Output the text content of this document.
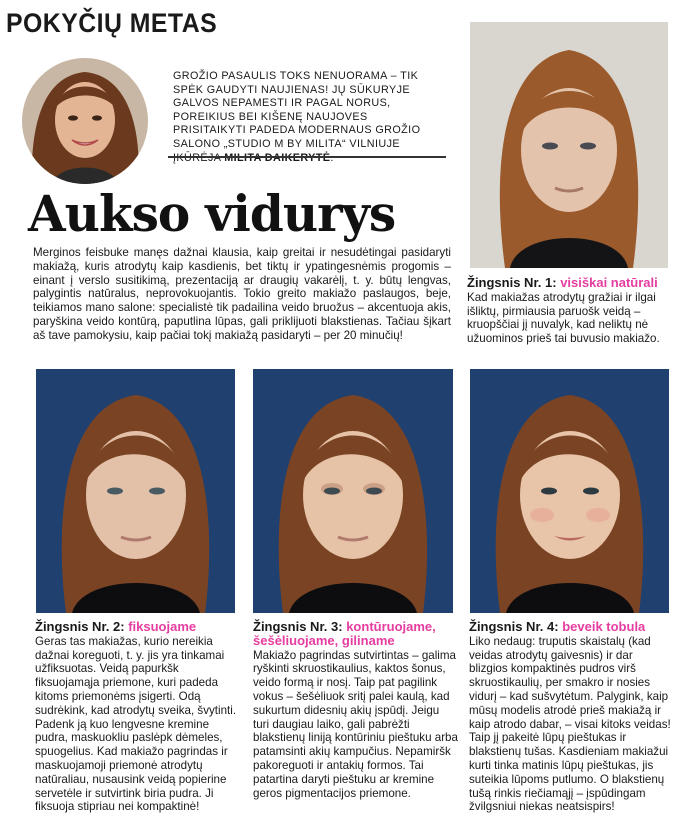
POKYČIŲ METAS
GROŽIO PASAULIS TOKS NENUORAMA – TIK SPĖK GAUDYTI NAUJIENAS! JŲ SŪKURYJE GALVOS NEPAMESTI IR PAGAL NORUS, POREIKIUS BEI KIŠENĘ NAUJOVES PRISITAIKYTI PADEDA MODERNAUS GROŽIO SALONO „STUDIO M BY MILITA“ VILNIUJE
Aukso vidurys
Merginos feisbuke manęs dažnai klausia, kaip greitai ir nesudėtingai pasidaryti makiažą, kuris atrodytų kaip kasdienis, bet tiktų ir ypatingesnėmis progomis – einant į verslo susitikimą, prezentaciją ar draugių vakarėlį, t. y. būtų lengvas, palygintis natūralus, neprovokuojantis. Tokio greito makiažo paslaugos, beje, teikiamos mano salone: specialistė tik padailina veido bruožus – akcentuoja akis, paryškina veido kontūrą, paputlina lūpas, gali priklijuoti blakstienas. Tačiau šįkart aš tave pamokysiu, kaip pačiai tokį makiažą pasidaryti – per 20 minučių!
Žingsnis Nr. 1: visiškai natūrali

Kad makiažas atrodytų gražiai ir ilgai išliktų, pirmiausia paruošk veidą – kruopščiai jį nuvalyk, kad neliktų nė užuominos prieš tai buvusio makiažo.

Žingsnis Nr. 2: fiksuojame

Geras tas makiažas, kurio nereikia dažnai koreguoti, t. y. jis yra tinkamai užfiksuotas. Veidą papurkšk fiksuojamąja priemone, kuri padeda kitoms priemonėms įsigerti. Odą sudrėkink, kad atrodytų sveika, švytinti. Padenk ją kuo lengvesne kremine pudra, maskuokliu paslėpk dėmeles, spuogelius. Kad makiažo pagrindas ir maskuojamoji priemonė atrodytų natūraliau, nusausink veidą popierine servetėle ir sutvirtink biria pudra. Ji fiksuoja stipriau nei kompaktinė!

Žingsnis Nr. 3: kontūruojame, šešėliuojame, giliname

Makiažo pagrindas sutvirtintas – galima ryškinti skruostikaulius, kaktos šonus, veido formą ir nosį. Taip pat pagilink vokus – šešėliuok sritį palei kaulą, kad sukurtum didesnių akių įspūdį. Jeigu turi daugiau laiko, gali pabrėžti blakstienų liniją kontūriniu pieštuku arba patamsinti akių kampučius. Nepamiršk pakoreguoti ir antakių formos. Tai patartina daryti pieštuku ar kremine geros pigmentacijos priemone.

Žingsnis Nr. 4: beveik tobula

Liko nedaug: truputis skaistalų (kad veidas atrodytų gaivesnis) ir dar blizgios kompaktinės pudros virš skruostikaulių, per smakro ir nosies vidurį – kad sušvytėtum. Palygink, kaip mūsų modelis atrodė prieš makiažą ir kaip atrodo dabar, – visai kitoks veidas! Taip jį pakeitė lūpų pieštukas ir blakstienų tušas. Kasdieniam makiažui kurti tinka matinis lūpų pieštukas, jis suteikia lūpoms putlumo. O blakstienų tušą rinkis riečiamąjį – įspūdingam žvilgsniui niekas neatsispirs!
